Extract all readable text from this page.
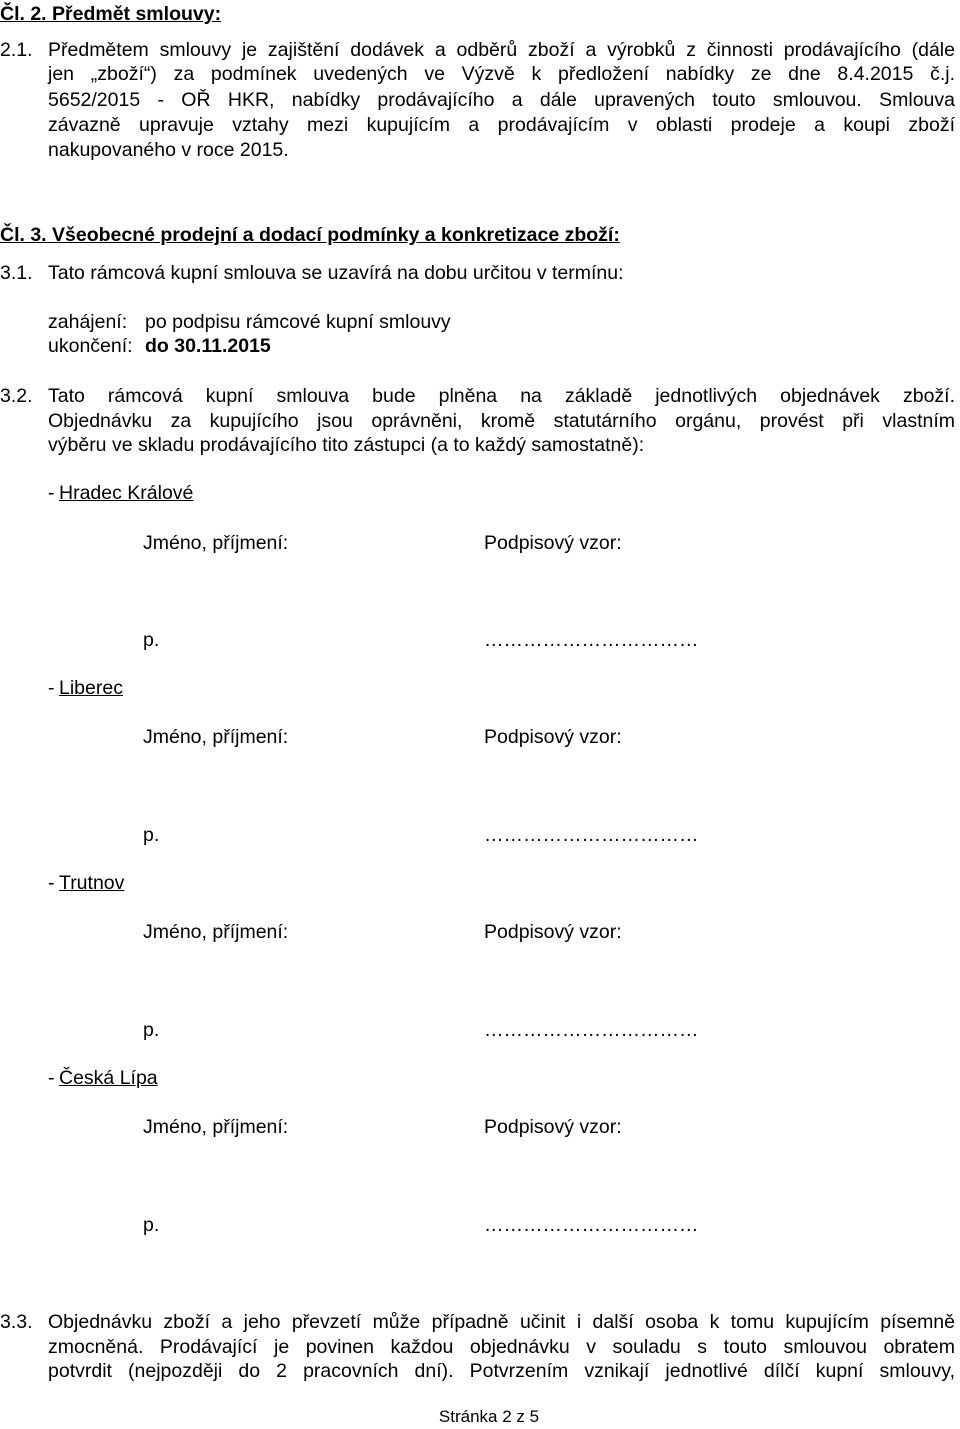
Čl. 2. Předmět smlouvy:
2.1. Předmětem smlouvy je zajištění dodávek a odběrů zboží a výrobků z činnosti prodávajícího (dále
jen „zboží“) za podmínek uvedených ve Výzvě k předložení nabídky ze dne 8.4.2015 č.j.
5652/2015 - OŘ HKR, nabídky prodávajícího a dále upravených touto smlouvou. Smlouva
závazně upravuje vztahy mezi kupujícím a prodávajícím v oblasti prodeje a koupi zboží
nakupovaného v roce 2015.
Čl. 3. Všeobecné prodejní a dodací podmínky a konkretizace zboží:
3.1. Tato rámcová kupní smlouva se uzavírá na dobu určitou v termínu:
zahájení: po podpisu rámcové kupní smlouvy
ukončení: do 30.11.2015
3.2. Tato rámcová kupní smlouva bude plněna na základě jednotlivých objednávek zboží.
Objednávku za kupujícího jsou oprávněni, kromě statutárního orgánu, provést při vlastním
výběru ve skladu prodávajícího tito zástupci (a to každý samostatně):
- Hradec Králové
Jméno, příjmení:	Podpisový vzor:
p.	……………………………
- Liberec
Jméno, příjmení:	Podpisový vzor:
p.	……………………………
- Trutnov
Jméno, příjmení:	Podpisový vzor:
p.	……………………………
- Česká Lípa
Jméno, příjmení:	Podpisový vzor:
p.	……………………………
3.3. Objednávku zboží a jeho převzetí může případně učinit i další osoba k tomu kupujícím písemně
zmocněná. Prodávající je povinen každou objednávku v souladu s touto smlouvou obratem
potvrdit (nejpozději do 2 pracovních dní). Potvrzením vznikají jednotlivé dílčí kupní smlouvy,
Stránka 2 z 5
